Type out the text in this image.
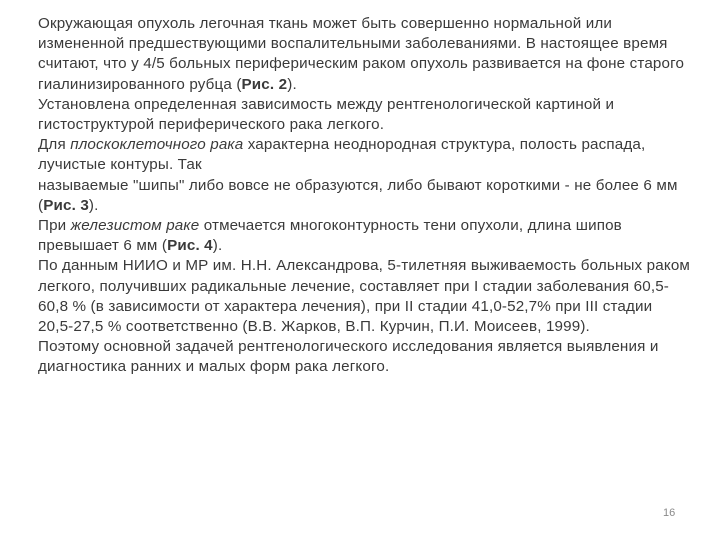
Окружающая опухоль легочная ткань может быть совершенно нормальной или измененной предшествующими воспалительными заболеваниями. В настоящее время считают, что у 4/5 больных периферическим раком опухоль развивается на фоне старого гиалинизированного рубца (Рис. 2).

Установлена определенная зависимость между рентгенологической картиной и гистоструктурой периферического рака легкого.

Для плоскоклеточного рака характерна неоднородная структура, полость распада, лучистые контуры. Так

называемые "шипы" либо вовсе не образуются, либо бывают короткими - не более 6 мм (Рис. 3).

При железистом раке отмечается многоконтурность тени опухоли, длина шипов превышает 6 мм (Рис. 4).

По данным НИИО и МР им. Н.Н. Александрова, 5-тилетняя выживаемость больных раком легкого, получивших радикальные лечение, составляет при I стадии заболевания 60,5-60,8 % (в зависимости от характера лечения), при II стадии 41,0-52,7% при III стадии 20,5-27,5 % соответственно (В.В. Жарков, В.П. Курчин, П.И. Моисеев, 1999).

Поэтому основной задачей рентгенологического исследования является выявления и диагностика ранних и малых форм рака легкого.

16
